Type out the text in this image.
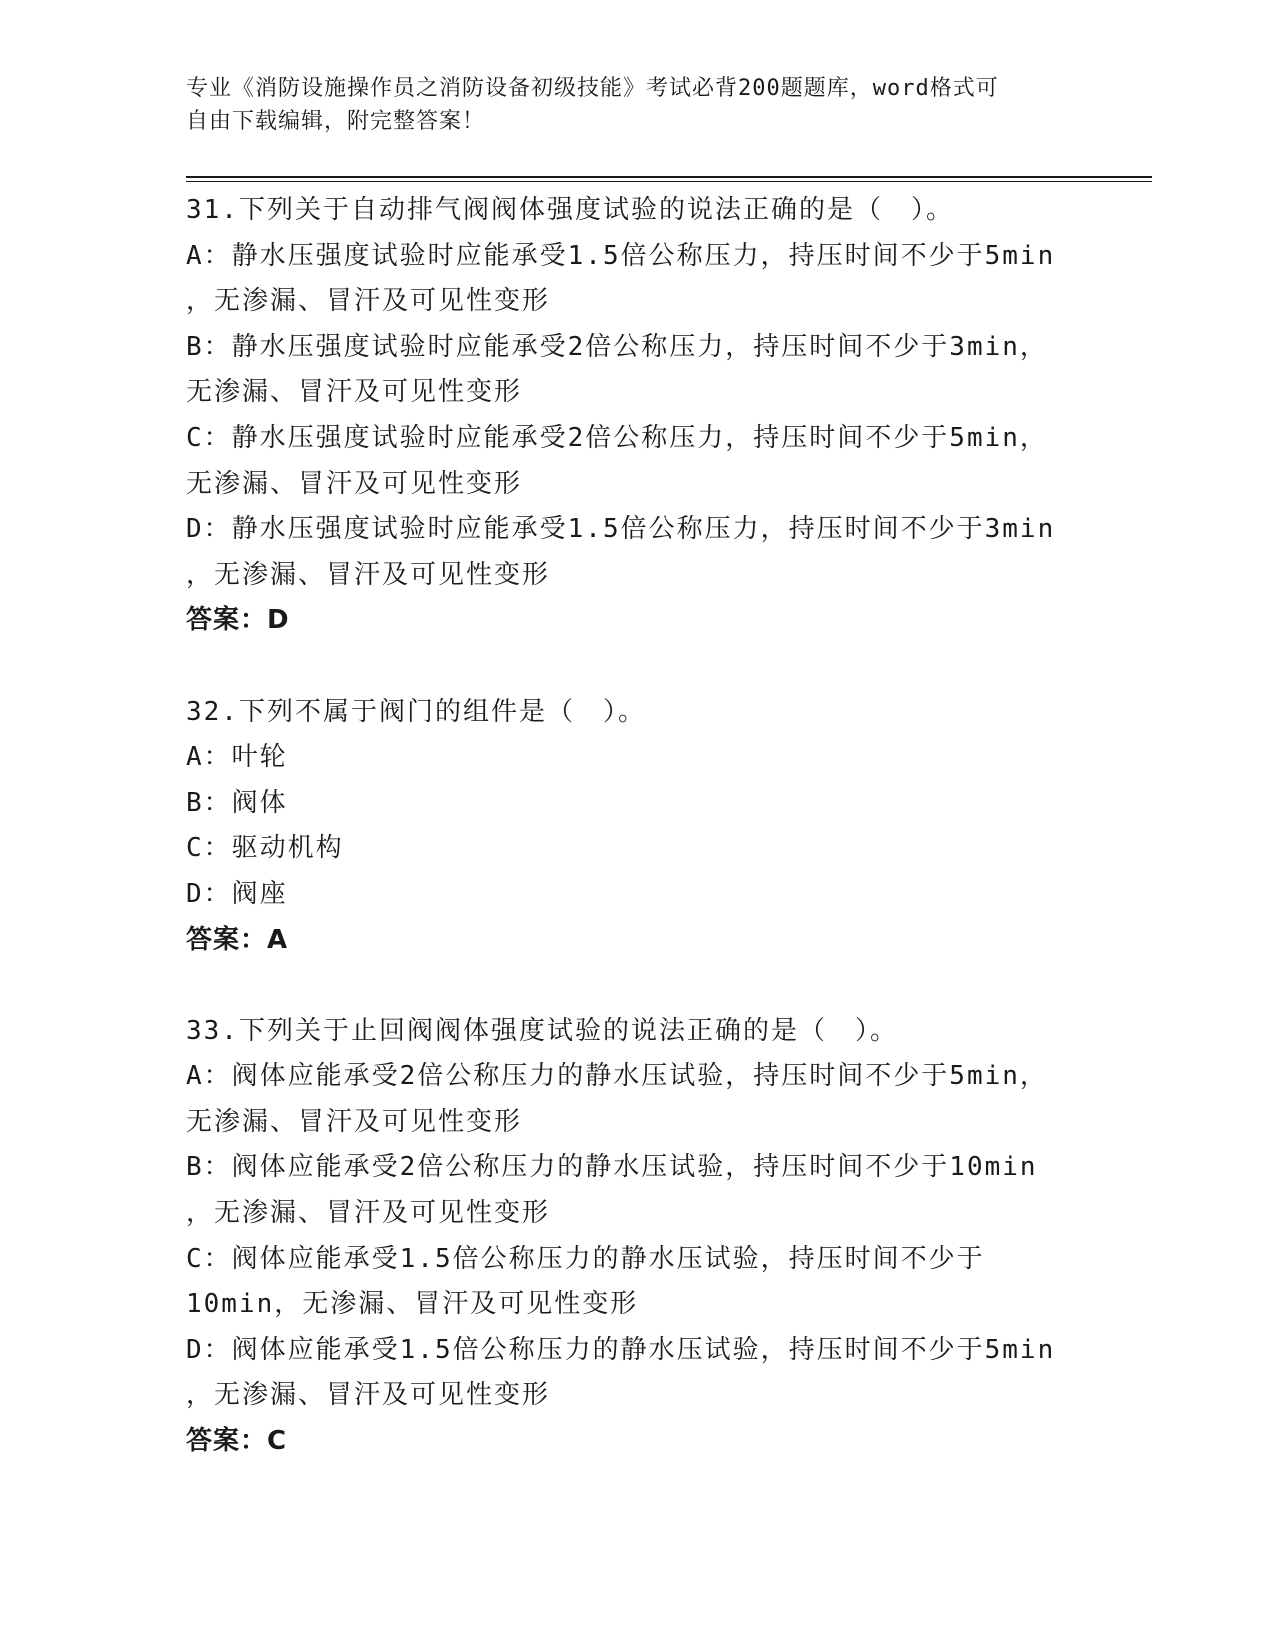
专业《消防设施操作员之消防设备初级技能》考试必背200题题库，word格式可
自由下载编辑，附完整答案！
31.下列关于自动排气阀阀体强度试验的说法正确的是（　）。
A：静水压强度试验时应能承受1.5倍公称压力，持压时间不少于5min
，无渗漏、冒汗及可见性变形
B：静水压强度试验时应能承受2倍公称压力，持压时间不少于3min，
无渗漏、冒汗及可见性变形
C：静水压强度试验时应能承受2倍公称压力，持压时间不少于5min，
无渗漏、冒汗及可见性变形
D：静水压强度试验时应能承受1.5倍公称压力，持压时间不少于3min
，无渗漏、冒汗及可见性变形
答案：D
32.下列不属于阀门的组件是（　）。
A：叶轮
B：阀体
C：驱动机构
D：阀座
答案：A
33.下列关于止回阀阀体强度试验的说法正确的是（　）。
A：阀体应能承受2倍公称压力的静水压试验，持压时间不少于5min，
无渗漏、冒汗及可见性变形
B：阀体应能承受2倍公称压力的静水压试验，持压时间不少于10min
，无渗漏、冒汗及可见性变形
C：阀体应能承受1.5倍公称压力的静水压试验，持压时间不少于
10min，无渗漏、冒汗及可见性变形
D：阀体应能承受1.5倍公称压力的静水压试验，持压时间不少于5min
，无渗漏、冒汗及可见性变形
答案：C
